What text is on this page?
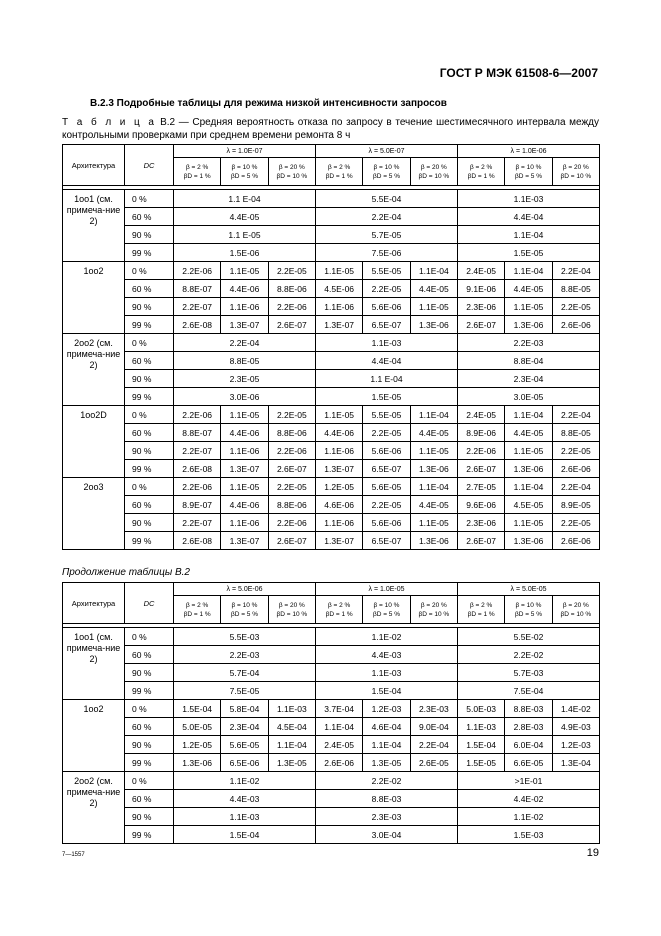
ГОСТ Р МЭК 61508-6—2007
B.2.3 Подробные таблицы для режима низкой интенсивности запросов
Т а б л и ц а B.2 — Средняя вероятность отказа по запросу в течение шестимесячного интервала между контрольными проверками при среднем времени ремонта 8 ч
Архитектура	DC	λ = 1.0E-07			λ = 5.0E-07			λ = 1.0E-06		
		β = 2 %
βD = 1 %	β = 10 %
βD = 5 %	β = 20 %
βD = 10 %	β = 2 %
βD = 1 %	β = 10 %
βD = 5 %	β = 20 %
βD = 10 %	β = 2 %
βD = 1 %	β = 10 %
βD = 5 %	β = 20 %
βD = 10 %

1oo1 (см. примеча-ние 2)	0 %	1.1 E-04			5.5E-04			1.1E-03		
	60 %	4.4E-05			2.2E-04			4.4E-04		
	90 %	1.1 E-05			5.7E-05			1.1E-04		
	99 %	1.5E-06			7.5E-06			1.5E-05		
1oo2	0 %	2.2E-06	1.1E-05	2.2E-05	1.1E-05	5.5E-05	1.1E-04	2.4E-05	1.1E-04	2.2E-04
	60 %	8.8E-07	4.4E-06	8.8E-06	4.5E-06	2.2E-05	4.4E-05	9.1E-06	4.4E-05	8.8E-05
	90 %	2.2E-07	1.1E-06	2.2E-06	1.1E-06	5.6E-06	1.1E-05	2.3E-06	1.1E-05	2.2E-05
	99 %	2.6E-08	1.3E-07	2.6E-07	1.3E-07	6.5E-07	1.3E-06	2.6E-07	1.3E-06	2.6E-06
2oo2 (см. примеча-ние 2)	0 %	2.2E-04			1.1E-03			2.2E-03		
	60 %	8.8E-05			4.4E-04			8.8E-04		
	90 %	2.3E-05			1.1 E-04			2.3E-04		
	99 %	3.0E-06			1.5E-05			3.0E-05		
1oo2D	0 %	2.2E-06	1.1E-05	2.2E-05	1.1E-05	5.5E-05	1.1E-04	2.4E-05	1.1E-04	2.2E-04
	60 %	8.8E-07	4.4E-06	8.8E-06	4.4E-06	2.2E-05	4.4E-05	8.9E-06	4.4E-05	8.8E-05
	90 %	2.2E-07	1.1E-06	2.2E-06	1.1E-06	5.6E-06	1.1E-05	2.2E-06	1.1E-05	2.2E-05
	99 %	2.6E-08	1.3E-07	2.6E-07	1.3E-07	6.5E-07	1.3E-06	2.6E-07	1.3E-06	2.6E-06
2oo3	0 %	2.2E-06	1.1E-05	2.2E-05	1.2E-05	5.6E-05	1.1E-04	2.7E-05	1.1E-04	2.2E-04
	60 %	8.9E-07	4.4E-06	8.8E-06	4.6E-06	2.2E-05	4.4E-05	9.6E-06	4.5E-05	8.9E-05
	90 %	2.2E-07	1.1E-06	2.2E-06	1.1E-06	5.6E-06	1.1E-05	2.3E-06	1.1E-05	2.2E-05
	99 %	2.6E-08	1.3E-07	2.6E-07	1.3E-07	6.5E-07	1.3E-06	2.6E-07	1.3E-06	2.6E-06
Продолжение таблицы B.2
Архитектура	DC	λ = 5.0E-06			λ = 1.0E-05			λ = 5.0E-05		
		β = 2 %
βD = 1 %	β = 10 %
βD = 5 %	β = 20 %
βD = 10 %	β = 2 %
βD = 1 %	β = 10 %
βD = 5 %	β = 20 %
βD = 10 %	β = 2 %
βD = 1 %	β = 10 %
βD = 5 %	β = 20 %
βD = 10 %

1oo1 (см. примеча-ние 2)	0 %	5.5E-03			1.1E-02			5.5E-02		
	60 %	2.2E-03			4.4E-03			2.2E-02		
	90 %	5.7E-04			1.1E-03			5.7E-03		
	99 %	7.5E-05			1.5E-04			7.5E-04		
1oo2	0 %	1.5E-04	5.8E-04	1.1E-03	3.7E-04	1.2E-03	2.3E-03	5.0E-03	8.8E-03	1.4E-02
	60 %	5.0E-05	2.3E-04	4.5E-04	1.1E-04	4.6E-04	9.0E-04	1.1E-03	2.8E-03	4.9E-03
	90 %	1.2E-05	5.6E-05	1.1E-04	2.4E-05	1.1E-04	2.2E-04	1.5E-04	6.0E-04	1.2E-03
	99 %	1.3E-06	6.5E-06	1.3E-05	2.6E-06	1.3E-05	2.6E-05	1.5E-05	6.6E-05	1.3E-04
2oo2 (см. примеча-ние 2)	0 %	1.1E-02			2.2E-02			>1E-01		
	60 %	4.4E-03			8.8E-03			4.4E-02		
	90 %	1.1E-03			2.3E-03			1.1E-02		
	99 %	1.5E-04			3.0E-04			1.5E-03		
7—1557	19
